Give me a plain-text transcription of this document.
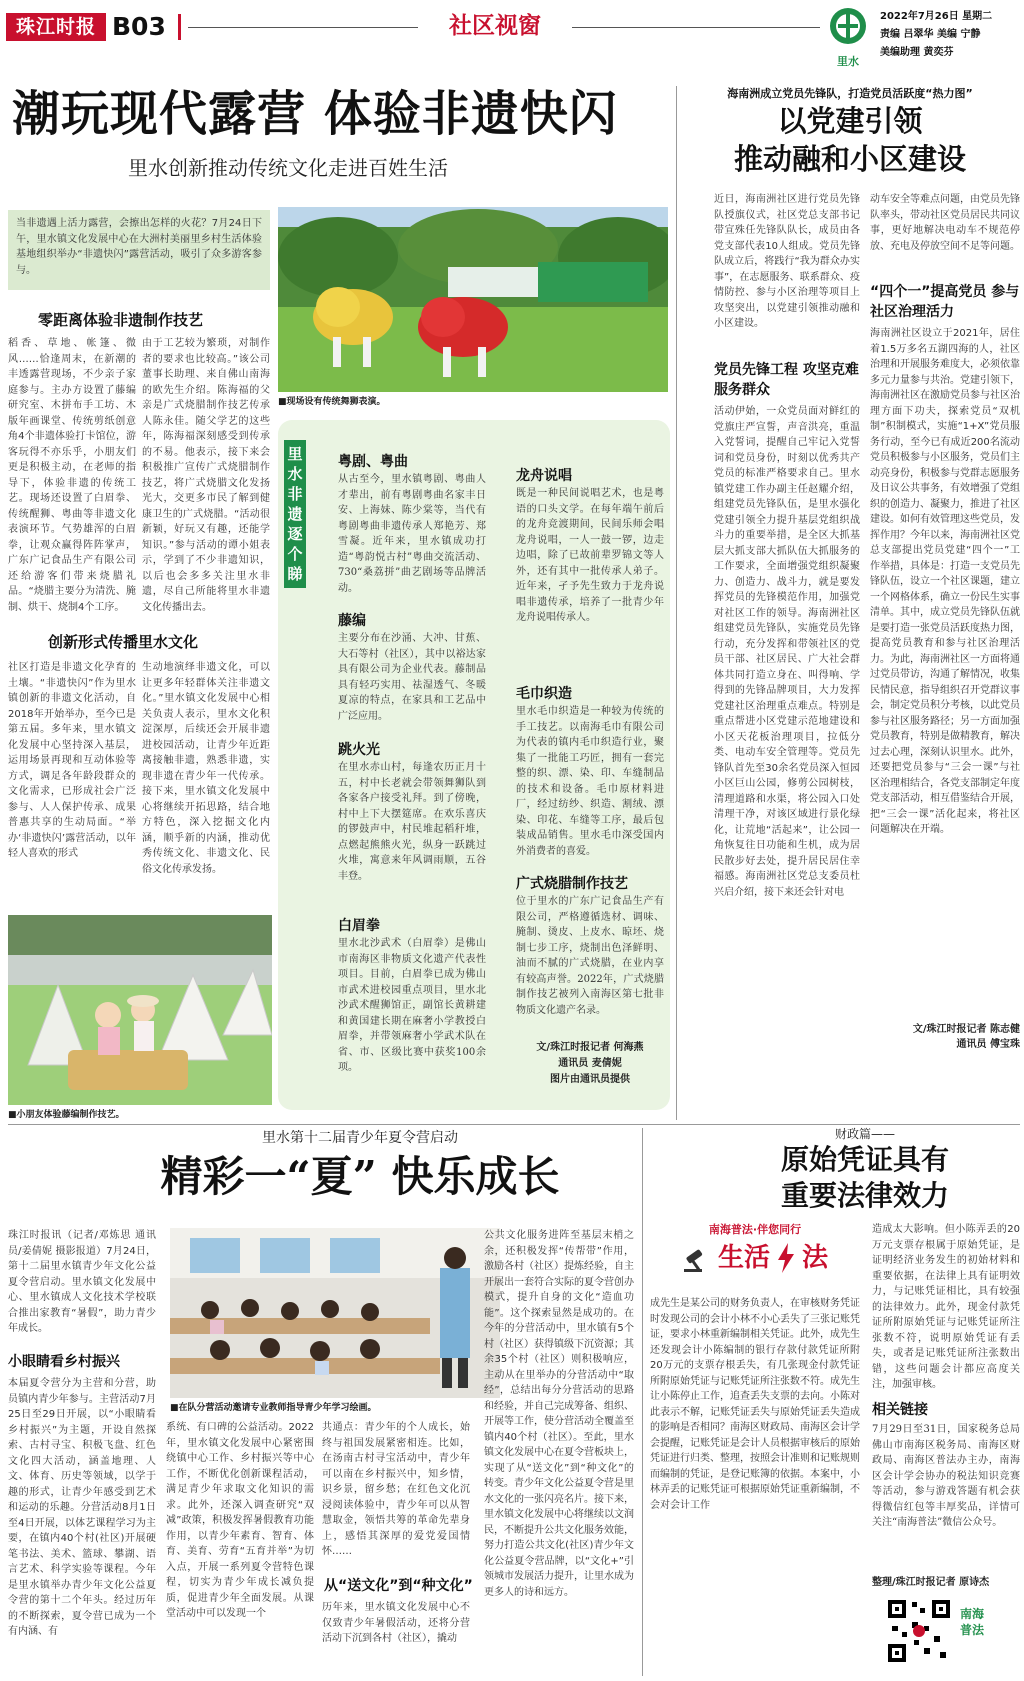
珠江时报 B03	社区视窗
里水
2022年7月26日 星期二
责编 吕翠华 美编 宁静
美编助理 黄奕芬
潮玩现代露营 体验非遗快闪
里水创新推动传统文化走进百姓生活
当非遗遇上活力露营，会擦出怎样的火花？7月24日下午，里水镇文化发展中心在大洲村美丽里乡村生活体验基地组织举办“非遗快闪”露营活动，吸引了众多游客参与。
零距离体验非遗制作技艺
稻香、草地、帐篷、微风……恰逢周末，在新潮的丰透露营现场，不少亲子家庭参与。主办方设置了藤编研究室、木拼布手工坊、木版年画课堂、传统剪纸创意角4个非遗体验打卡馆位，游客玩得不亦乐乎，小朋友们更是积极主动，在老师的指导下，体验非遗的传统工艺。现场还设置了白眉拳、传统醒狮、粤曲等非遗文化表演环节。气势雄浑的白眉拳，让观众赢得阵阵掌声，广东广记食品生产有限公司还给游客们带来烧腊礼品。“烧腊主要分为清洗、腌制、烘干、烧制4个工序。
由于工艺较为繁琐，对制作者的要求也比较高。”该公司董事长助理、来自佛山南海的欧先生介绍。陈海福的父亲是广式烧腊制作技艺传承人陈永佳。随父学艺的这些年，陈海福深刻感受到传承的不易。他表示，接下来会积极推广宣传广式烧腊制作技艺，将广式烧腊文化发扬光大，交更多市民了解到健康卫生的广式烧腊。“活动很新颖，好玩又有趣，还能学知识。”参与活动的谭小姐表示，学到了不少非遗知识，以后也会多多关注里水非遗，尽自己所能将里水非遗文化传播出去。
创新形式传播里水文化
社区打造是非遗文化孕育的土壤。“非遗快闪”作为里水镇创新的非遗文化活动，自2018年开始举办，至今已是第五届。多年来，里水镇文化发展中心坚持深入基层，运用场景再现和互动体验等方式，调足各年龄段群众的文化需求，已形成社会广泛参与、人人保护传承、成果普惠共享的生动局面。“举办‘非遗快闪’露营活动，以年轻人喜欢的形式
生动地演绎非遗文化，可以让更多年轻群体关注非遗文化。”里水镇文化发展中心相关负责人表示，里水文化积淀深厚，后续还会开展非遗进校园活动，让青少年近距离接触非遗，熟悉非遗，实现非遗在青少年一代传承。接下来，里水镇文化发展中心将继续开拓思路，结合地方特色，深入挖掘文化内涵，顺乎新的内涵，推动优秀传统文化、非遗文化、民俗文化传承发扬。
■小朋友体验藤编制作技艺。
■现场设有传统舞狮表演。
里水非遗逐个睇
粤剧、粤曲
从古至今，里水镇粤剧、粤曲人才辈出，前有粤剧粤曲名家丰日安、上海妹、陈少棠等，当代有粤剧粤曲非遗传承人郑艳芳、郑雪凝。近年来，里水镇成功打造“粤韵悦古村”粤曲交流活动、730“桑荔拼”曲艺剧场等品牌活动。
藤编
主要分布在沙涌、大冲、甘蕉、大石等村（社区），其中以裕达家具有限公司为企业代表。藤制品具有轻巧实用、祛湿透气、冬暖夏凉的特点，在家具和工艺品中广泛应用。
跳火光
在里水赤山村，每逢农历正月十五，村中长老就会带领舞狮队到各家各户接受礼拜。到了傍晚，村中上下大摆筵席。在欢乐喜庆的锣鼓声中，村民堆起稻秆堆，点燃起熊熊火光，纵身一跃跳过火堆，寓意来年风调雨顺，五谷丰登。
白眉拳
里水北沙武术（白眉拳）是佛山市南海区非物质文化遗产代表性项目。目前，白眉拳已成为佛山市武术进校园重点项目，里水北沙武术醒狮馆正，副馆长黄耕建和黄国建长期在麻奢小学教授白眉拳，并带领麻奢小学武术队在省、市、区级比赛中获奖100余项。
龙舟说唱
既是一种民间说唱艺术，也是粤语的口头文学。在每年端午前后的龙舟竞渡期间，民间乐师会唱龙舟说唱，一人一鼓一锣，边走边唱，除了已故前辈罗锦文等人外，还有其中一批传承人弟子。近年来，孑予先生致力于龙舟说唱非遗传承，培养了一批青少年龙舟说唱传承人。
毛巾织造
里水毛巾织造是一种较为传统的手工技艺。以南海毛巾有限公司为代表的镇内毛巾织造行业，聚集了一批能工巧匠，拥有一套完整的织、漂、染、印、车缝制品的技术和设备。毛巾原材料进厂，经过纺纱、织造、割绒、漂染、印花、车缝等工序，最后包装成品销售。里水毛巾深受国内外消费者的喜爱。
广式烧腊制作技艺
位于里水的广东广记食品生产有限公司，严格遵循选材、调味、腌制、烫皮、上皮水、晾坯、烧制七步工序，烧制出色泽鲜明、油而不腻的广式烧腊，在业内享有较高声誉。2022年，广式烧腊制作技艺被列入南海区第七批非物质文化遗产名录。
文/珠江时报记者 何海燕
通讯员 麦倩妮
图片由通讯员提供
海南洲成立党员先锋队，打造党员活跃度“热力图”
以党建引领
推动融和小区建设
近日，海南洲社区进行党员先锋队授旗仪式，社区党总支部书记带宣殊任先锋队队长，成员由各党支部代表10人组成。党员先锋队成立后，将践行“我为群众办实事”，在志愿服务、联系群众、疫情防控、参与小区治理等项目上攻坚突出，以党建引领推动融和小区建设。
党员先锋工程 攻坚克难服务群众
活动伊始，一众党员面对鲜红的党旗庄严宣誓，声音洪亮，重温入党誓词，提醒自己牢记入党誓词和党员身份，时刻以优秀共产党员的标准严格要求自己。里水镇党建工作办副主任赵耀介绍，组建党员先锋队伍，是里水强化党建引领全力提升基层党组织战斗力的重要举措，是全区大抓基层大抓支部大抓队伍大抓服务的工作要求，全面增强党组织凝聚力、创造力、战斗力，就是要发挥党员的先锋模范作用，加强党对社区工作的领导。海南洲社区组建党员先锋队，实施党员先锋行动，充分发挥和带领社区的党员干部、社区居民、广大社会群体共同打造立身在、叫得响、学得到的先锋品牌项目，大力发挥党建社区治理重点难点。特别是重点帮进小区党建示范地建设和小区天花板治理项目，拉低分类、电动车安全管理等。党员先锋队首先至30余名党员深入恒园小区巨山公园，修剪公园树枝，清理道路和水渠，将公园入口处清理干净，对该区域进行景化绿化，让荒地“活起来”，让公园一角恢复往日功能和生机，成为居民散步好去处，提升居民居住幸福感。海南洲社区党总支委员杜兴启介绍，接下来还会针对电
动车安全等难点问题，由党员先锋队率头，带动社区党员居民共同议事，更好地解决电动车不规范停放、充电及停放空间不足等问题。
“四个一”提高党员 参与社区治理活力
海南洲社区设立于2021年，居住着1.5万多名五湖四海的人，社区治理和开展服务难度大，必须依靠多元力量参与共治。党建引领下，海南洲社区在激励党员参与社区治理方面下功夫，探索党员“双机制”积制模式，实施“1+X”党员服务行动，至今已有成近200名流动党员积极参与小区服务，党员们主动亮身份，积极参与党群志愿服务及日议公共事务，有效增强了党组织的创造力、凝聚力，推进了社区建设。如何有效管理这些党员，发挥作用？今年以来，海南洲社区党总支部提出党员党建“四个一”工作举措，具体是：打造一支党员先锋队伍，设立一个社区课题，建立一个网格体系，确立一份民生实事清单。其中，成立党员先锋队伍就是要打造一张党员活跃度热力图，提高党员教育和参与社区治理活力。为此，海南洲社区一方面将通过党员带访，沟通了解情况，收集民情民意，指导组织召开党群议事会，制定党员积分考核，以此党员参与社区服务路径；另一方面加强党员教育，特别是做精教育，解决过去心理，深刻认识里水。此外，还要把党员参与“三会一课”与社区治理相结合，各党支部制定年度党支部活动，相互借鉴结合开展，把“三会一课”活化起来，将社区问题解决在开端。
文/珠江时报记者 陈志健
通讯员 傅宝珠
里水第十二届青少年夏令营启动
精彩一“夏” 快乐成长
珠江时报讯（记者/邓炼思 通讯员/姜倩妮 摄影报道）7月24日，第十二届里水镇青少年文化公益夏令营启动。里水镇文化发展中心、里水镇成人文化技术学校联合推出家教育“暑假”，助力青少年成长。
小眼睛看乡村振兴
本届夏令营分为主营和分营，助员镇内青少年参与。主营活动7月25日至29日开展，以“小眼睛看乡村振兴”为主题，开设自然探索、古村寻宝、积极飞盘、红色文化四大活动，涵盖地理、人文、体育、历史等领域，以学于趣的形式，让青少年感受到艺术和运动的乐趣。分营活动8月1日至4日开展，以体艺课程学习为主要，在镇内40个村(社区)开展硬笔书法、美术、篮球、攀湖、语言艺术、科学实验等课程。今年是里水镇举办青少年文化公益夏令营的第十二个年头。经过历年的不断探索，夏令营已成为一个有内涵、有
■在队分营活动邀请专业教师指导青少年学习绘画。
系统、有口碑的公益活动。2022年，里水镇文化发展中心紧密围绕镇中心工作、乡村振兴等中心工作，不断优化创新课程活动，满足青少年求取文化知识的需求。此外，还深入调查研究“双减”政策，积极发挥暑假教育功能作用，以青少年素育、智育、体育、美育、劳育“五育并举”为切入点，开展一系列夏令营特色课程，切实为青少年成长减负提质，促进青少年全面发展。从课堂活动中可以发现一个
共通点：青少年的个人成长，始终与祖国发展紧密相连。比如，在汤南古村寻宝活动中，青少年可以南在乡村振兴中，知乡情，识乡景，留乡愁；在红色文化沉浸阅读体验中，青少年可以从智慧取金，领悟共筹的革命先辈身上，感悟其深厚的爱党爱国情怀……
从“送文化”到“种文化”
历年来，里水镇文化发展中心不仅致青少年暑假活动，还将分营活动下沉到各村（社区），撬动
公共文化服务进阵至基层末梢之余，还积极发挥“传帮带”作用，激励各村（社区）提炼经验，自主开展出一套符合实际的夏令营创办模式，提升自身的文化“造血功能”。这个探索显然是成功的。在今年的分营活动中，里水镇有5个村（社区）获得镇级下沉资源；其余35个村（社区）则积极响应，主动从在里举办的分营活动中“取经”，总结出每分分营活动的思路和经验，并自己完成筹备、组织、开展等工作，使分营活动全覆盖至镇内40个村（社区）。至此，里水镇文化发展中心在夏令营板块上，实现了从“送文化”到“种文化”的转变。青少年文化公益夏令营是里水文化的一张闪亮名片。接下来，里水镇文化发展中心将继续以文润民，不断提升公共文化服务效能，努力打造公共文化(社区)青少年文化公益夏令营品牌，以“文化+”引领城市发展活力提升，让里水成为更多人的诗和远方。
财政篇——
原始凭证具有
重要法律效力
南海普法·伴您同行
生活 法
成先生是某公司的财务负责人，在审核财务凭证时发现公司的会计小林不小心丢失了三张记账凭证，要求小林重新编制相关凭证。此外，成先生还发现会计小陈编制的银行存款付款凭证所附20万元的支票存根丢失，有几张现金付款凭证所附原始凭证与记账凭证所注张数不符。成先生让小陈停止工作，追查丢失支票的去向。小陈对此表示不解，记账凭证丢失与原始凭证丢失造成的影响是否相同？南海区财政局、南海区会计学会提醒，记账凭证是会计人员根据审核后的原始凭证进行归类、整理，按照会计准则和记账规则而编制的凭证，是登记账簿的依据。本案中，小林弄丢的记账凭证可根据原始凭证重新编制，不会对会计工作
造成太大影响。但小陈弄丢的20万元支票存根属于原始凭证，是证明经济业务发生的初始材料和重要依据，在法律上具有证明效力，与记账凭证相比，具有较强的法律效力。此外，现金付款凭证所附原始凭证与记账凭证所注张数不符，说明原始凭证有丢失，或者是记账凭证所注张数出错，这些问题会计都应高度关注，加强审核。
相关链接
7月29日至31日，国家税务总局佛山市南海区税务局、南海区财政局、南海区普法办主办，南海区会计学会协办的税法知识竞赛等活动，参与游戏答题有机会获得微信红包等丰厚奖品，详情可关注“南海普法”微信公众号。
整理/珠江时报记者 原诗杰
南海
普法
